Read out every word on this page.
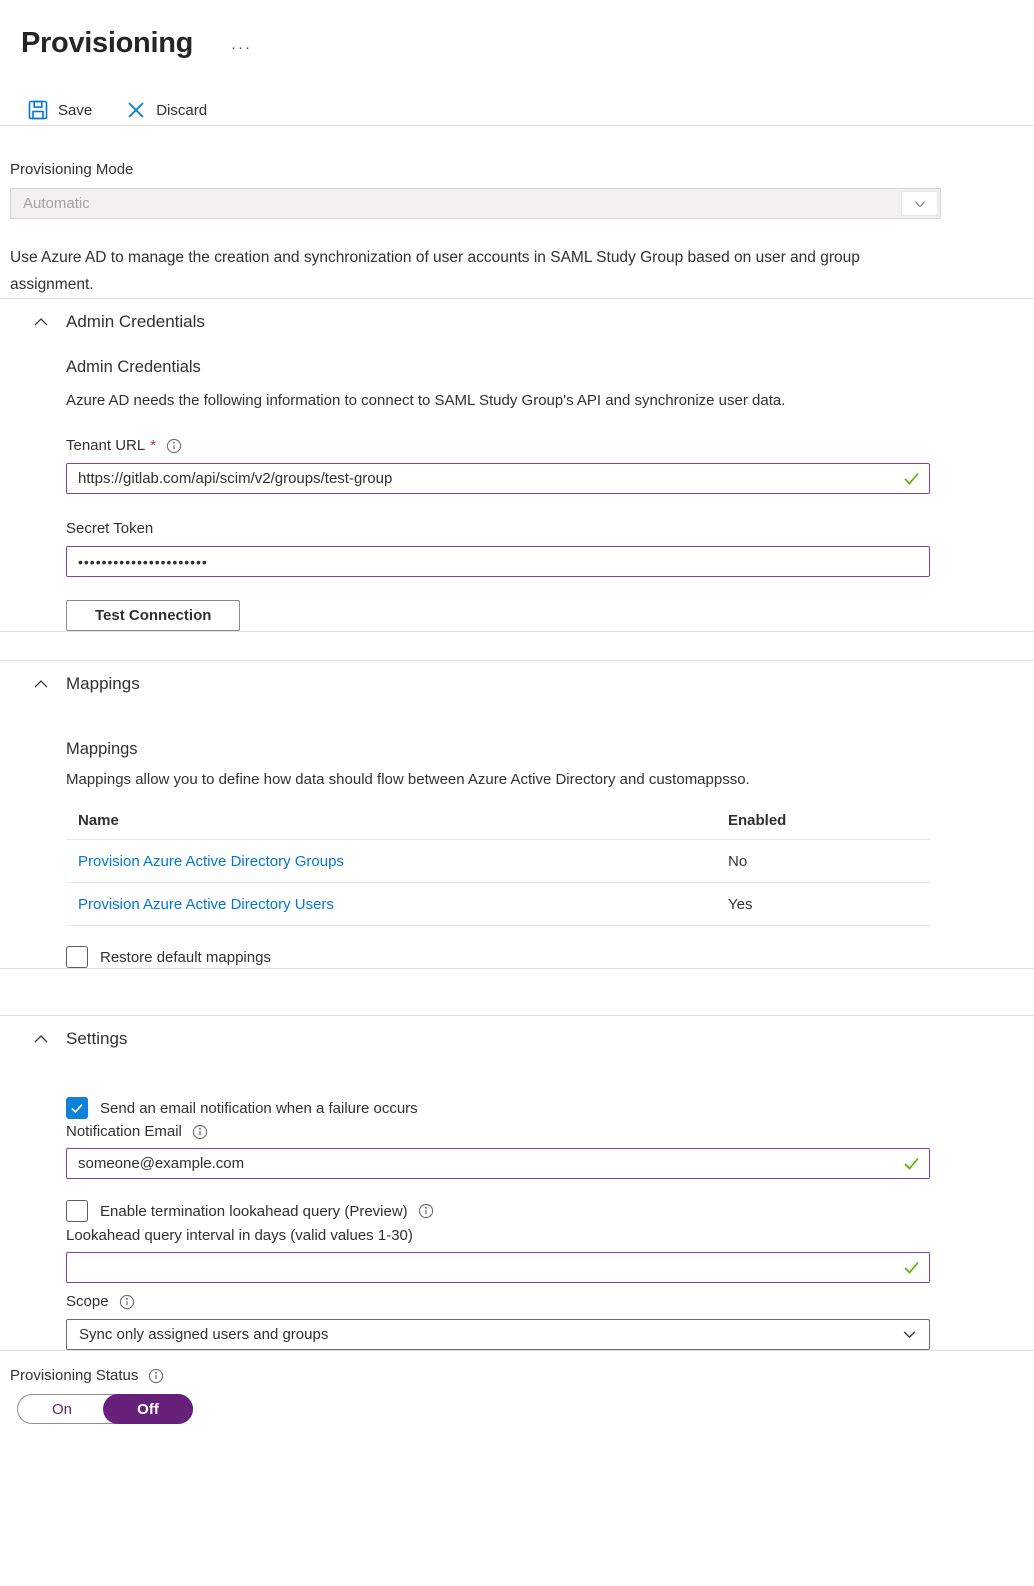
Provisioning	···
Save	Discard
Provisioning Mode
Automatic

Use Azure AD to manage the creation and synchronization of user accounts in SAML Study Group based on user and group assignment.

Admin Credentials
Admin Credentials
Azure AD needs the following information to connect to SAML Study Group's API and synchronize user data.
Tenant URL *
https://gitlab.com/api/scim/v2/groups/test-group
Secret Token
••••••••••••••••••••••
Test Connection
Mappings
Mappings
Mappings allow you to define how data should flow between Azure Active Directory and customappsso.
Name	Enabled
Provision Azure Active Directory Groups	No
Provision Azure Active Directory Users	Yes
Restore default mappings
Settings
Send an email notification when a failure occurs
Notification Email
someone@example.com
Enable termination lookahead query (Preview)
Lookahead query interval in days (valid values 1-30)
Scope
Sync only assigned users and groups
Provisioning Status
On	Off
